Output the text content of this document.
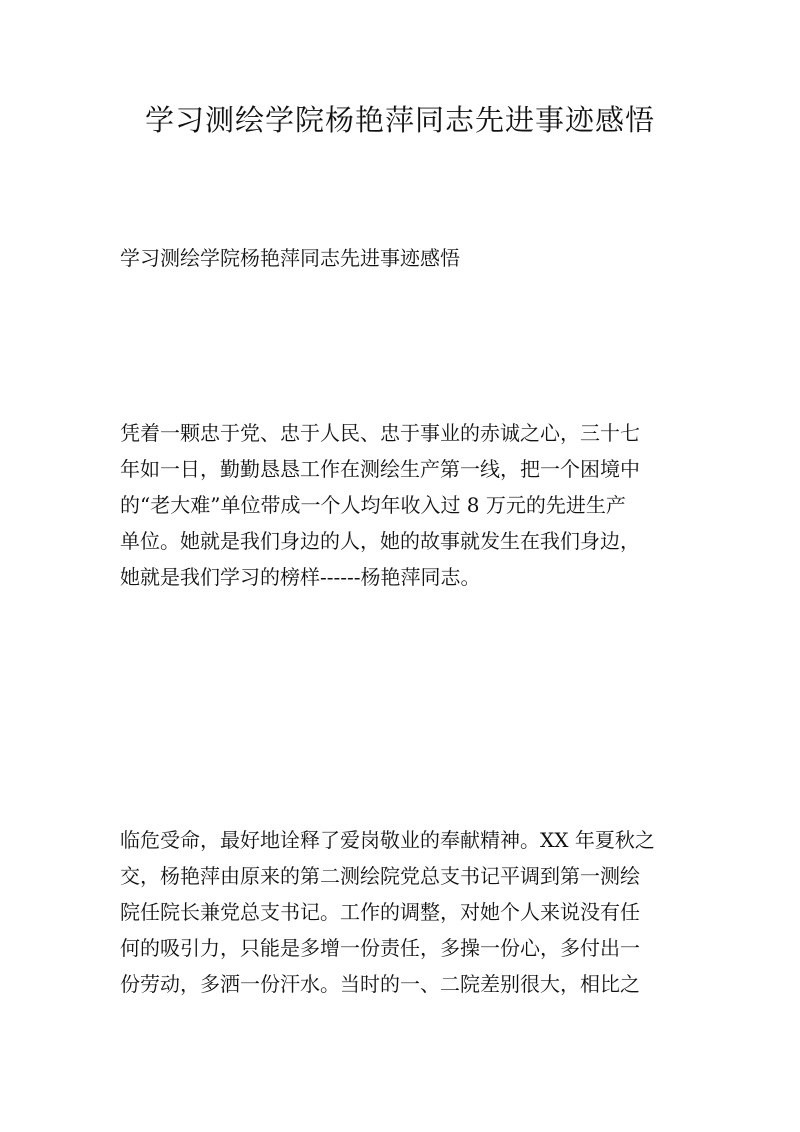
学习测绘学院杨艳萍同志先进事迹感悟

学习测绘学院杨艳萍同志先进事迹感悟

凭着一颗忠于党、忠于人民、忠于事业的赤诚之心，三十七
年如一日，勤勤恳恳工作在测绘生产第一线，把一个困境中
的“老大难”单位带成一个人均年收入过 8 万元的先进生产
单位。她就是我们身边的人，她的故事就发生在我们身边，
她就是我们学习的榜样------杨艳萍同志。
临危受命，最好地诠释了爱岗敬业的奉献精神。XX 年夏秋之
交，杨艳萍由原来的第二测绘院党总支书记平调到第一测绘
院任院长兼党总支书记。工作的调整，对她个人来说没有任
何的吸引力，只能是多增一份责任，多操一份心，多付出一
份劳动，多洒一份汗水。当时的一、二院差别很大，相比之
